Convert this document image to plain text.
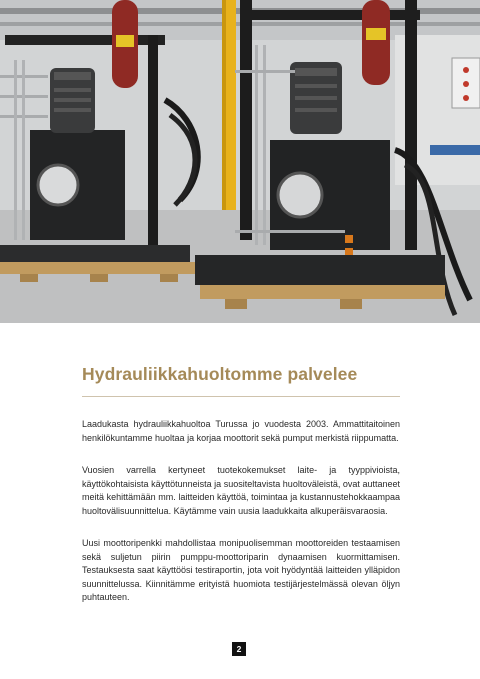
Hydrauliikkahuoltomme palvelee

Laadukasta hydrauliikkahuoltoa Turussa jo vuodesta 2003. Ammattitaitoinen henkilökuntamme huoltaa ja korjaa moottorit sekä pumput merkistä riippumatta.

Vuosien varrella kertyneet tuotekokemukset laite- ja tyyppivioista, käyttökohtaisista käyttötunneista ja suositeltavista huoltoväleistä, ovat auttaneet meitä kehittämään mm. laitteiden käyttöä, toimintaa ja kustannustehokkaampaa huoltovälisuunnittelua. Käytämme vain uusia laadukkaita alkuperäisvaraosia.

Uusi moottoripenkki mahdollistaa monipuolisemman moottoreiden testaamisen sekä suljetun piirin pumppu-moottoriparin dynaamisen kuormittamisen. Testauksesta saat käyttöösi testiraportin, jota voit hyödyntää laitteiden ylläpidon suunnittelussa. Kiinnitämme erityistä huomiota testijärjestelmässä olevan öljyn puhtauteen.

2
